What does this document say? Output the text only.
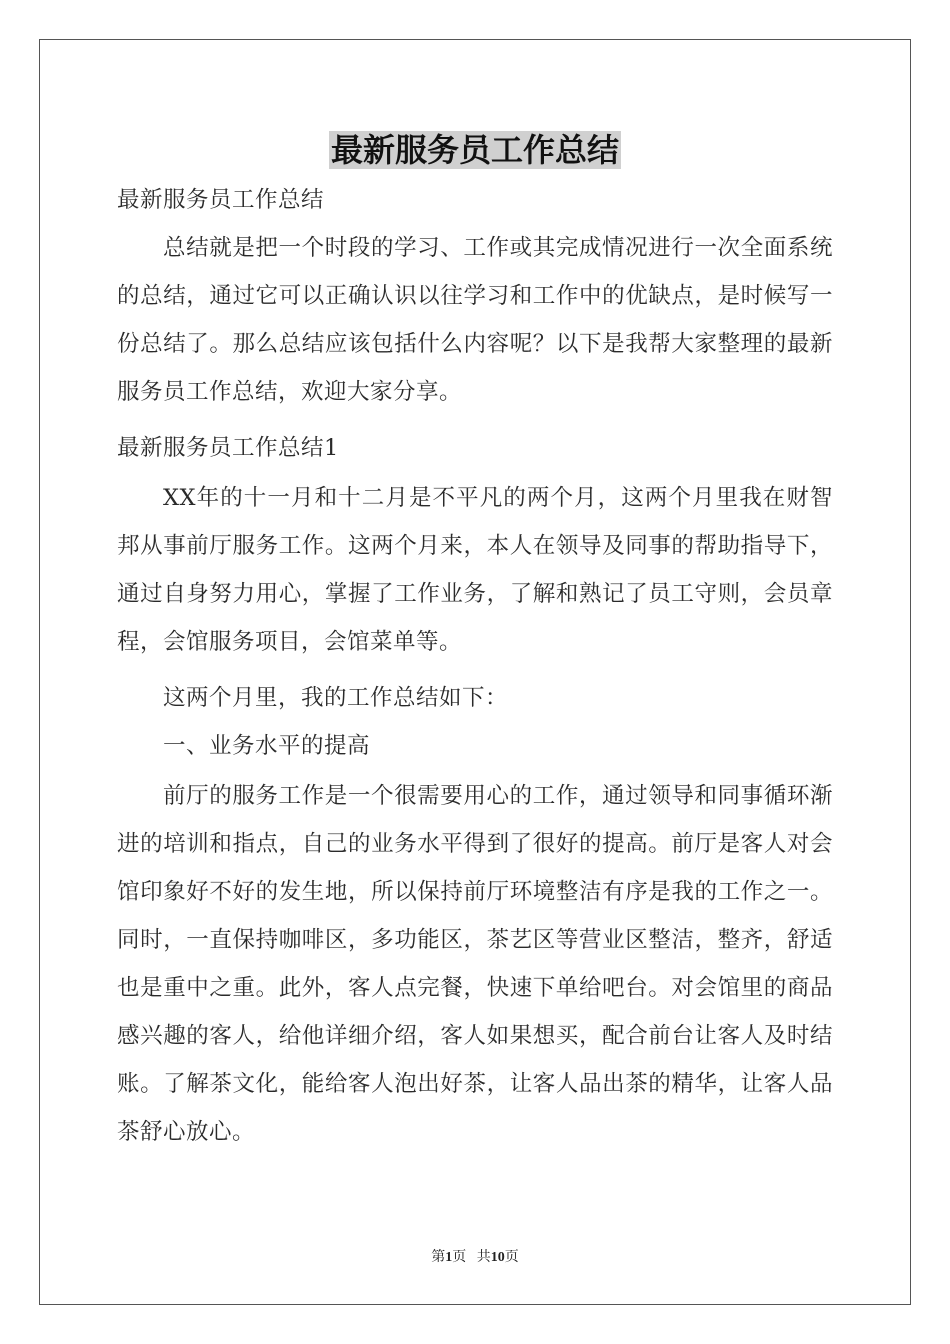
最新服务员工作总结

最新服务员工作总结

总结就是把一个时段的学习、工作或其完成情况进行一次全面系统的总结，通过它可以正确认识以往学习和工作中的优缺点，是时候写一份总结了。那么总结应该包括什么内容呢？以下是我帮大家整理的最新服务员工作总结，欢迎大家分享。

最新服务员工作总结1

XX年的十一月和十二月是不平凡的两个月，这两个月里我在财智邦从事前厅服务工作。这两个月来，本人在领导及同事的帮助指导下，通过自身努力用心，掌握了工作业务，了解和熟记了员工守则，会员章程，会馆服务项目，会馆菜单等。

这两个月里，我的工作总结如下：

一、业务水平的提高

前厅的服务工作是一个很需要用心的工作，通过领导和同事循环渐进的培训和指点，自己的业务水平得到了很好的提高。前厅是客人对会馆印象好不好的发生地，所以保持前厅环境整洁有序是我的工作之一。同时，一直保持咖啡区，多功能区，茶艺区等营业区整洁，整齐，舒适也是重中之重。此外，客人点完餐，快速下单给吧台。对会馆里的商品感兴趣的客人，给他详细介绍，客人如果想买，配合前台让客人及时结账。了解茶文化，能给客人泡出好茶，让客人品出茶的精华，让客人品茶舒心放心。

第1页 共10页
